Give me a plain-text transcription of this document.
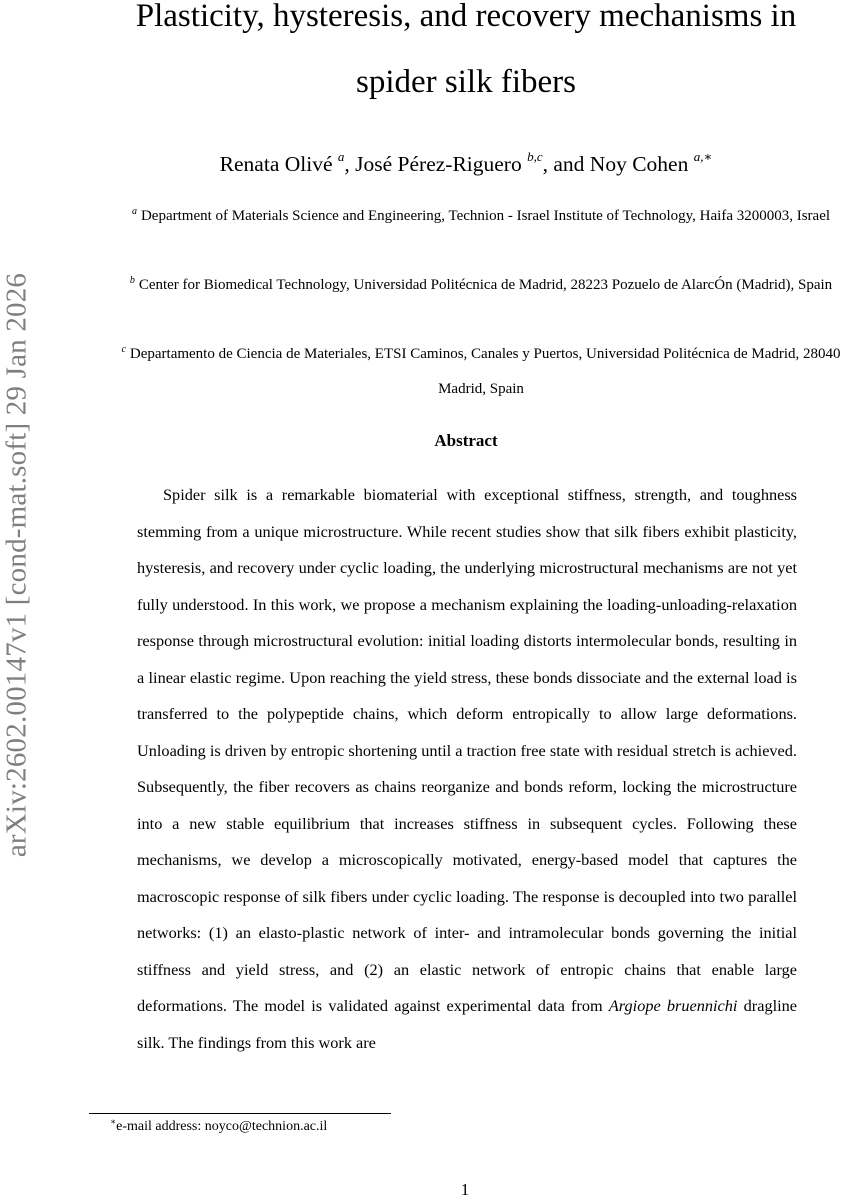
arXiv:2602.00147v1 [cond-mat.soft] 29 Jan 2026
Plasticity, hysteresis, and recovery mechanisms in
spider silk fibers
Renata Olivé $^a$, José Pérez-Riguero $^{b,c}$, and Noy Cohen $^{a,∗}$
$^a$ Department of Materials Science and Engineering, Technion - Israel Institute of Technology, Haifa 3200003, Israel
$^b$ Center for Biomedical Technology, Universidad Politécnica de Madrid, 28223 Pozuelo de AlarcÓn (Madrid), Spain
$^c$ Departamento de Ciencia de Materiales, ETSI Caminos, Canales y Puertos, Universidad Politécnica de Madrid, 28040 Madrid, Spain
Abstract

Spider silk is a remarkable biomaterial with exceptional stiffness, strength, and toughness stemming from a unique microstructure. While recent studies show that silk fibers exhibit plasticity, hysteresis, and recovery under cyclic loading, the underlying microstructural mechanisms are not yet fully understood. In this work, we propose a mechanism explaining the loading-unloading-relaxation response through microstructural evolution: initial loading distorts intermolecular bonds, resulting in a linear elastic regime. Upon reaching the yield stress, these bonds dissociate and the external load is transferred to the polypeptide chains, which deform entropically to allow large deformations. Unloading is driven by entropic shortening until a traction free state with residual stretch is achieved. Subsequently, the fiber recovers as chains reorganize and bonds reform, locking the microstructure into a new stable equilibrium that increases stiffness in subsequent cycles. Following these mechanisms, we develop a microscopically motivated, energy-based model that captures the macroscopic response of silk fibers under cyclic loading. The response is decoupled into two parallel networks: (1) an elasto-plastic network of inter- and intramolecular bonds governing the initial stiffness and yield stress, and (2) an elastic network of entropic chains that enable large deformations. The model is validated against experimental data from Argiope bruennichi dragline silk. The findings from this work are

∗e-mail address: noyco@technion.ac.il
1
